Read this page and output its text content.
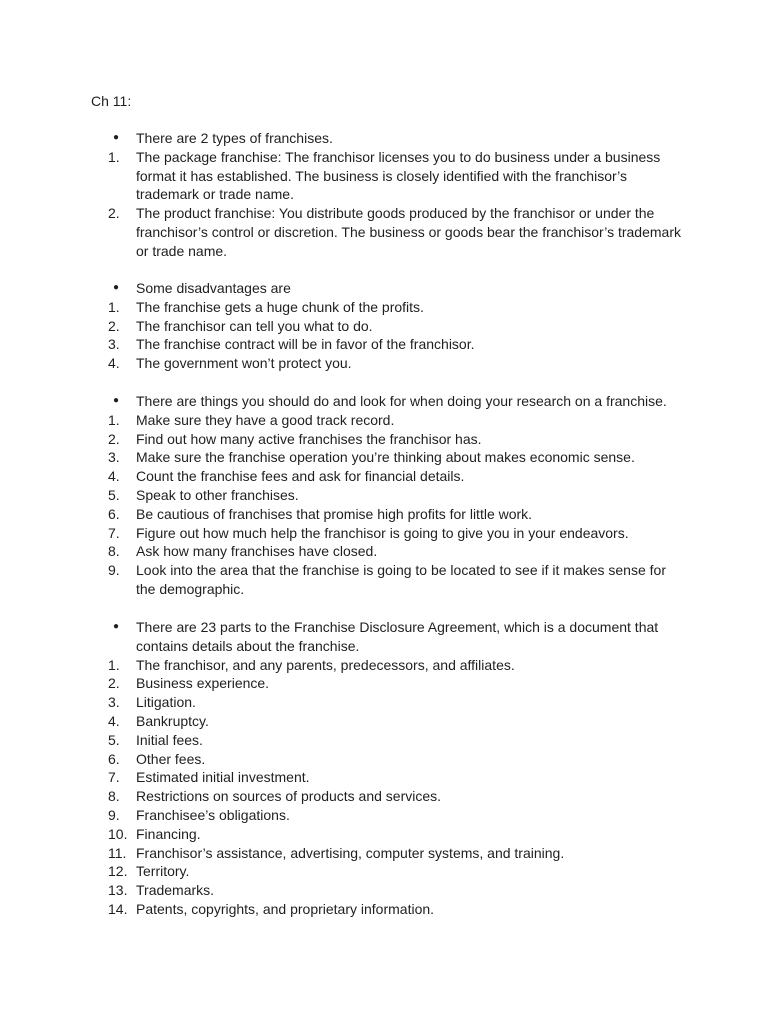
Ch 11:
●	There are 2 types of franchises.
1.	The package franchise: The franchisor licenses you to do business under a business format it has established. The business is closely identified with the franchisor’s trademark or trade name.
2.	The product franchise: You distribute goods produced by the franchisor or under the franchisor’s control or discretion. The business or goods bear the franchisor’s trademark or trade name.
●	Some disadvantages are
1.	The franchise gets a huge chunk of the profits.
2.	The franchisor can tell you what to do.
3.	The franchise contract will be in favor of the franchisor.
4.	The government won’t protect you.
●	There are things you should do and look for when doing your research on a franchise.
1.	Make sure they have a good track record.
2.	Find out how many active franchises the franchisor has.
3.	Make sure the franchise operation you’re thinking about makes economic sense.
4.	Count the franchise fees and ask for financial details.
5.	Speak to other franchises.
6.	Be cautious of franchises that promise high profits for little work.
7.	Figure out how much help the franchisor is going to give you in your endeavors.
8.	Ask how many franchises have closed.
9.	Look into the area that the franchise is going to be located to see if it makes sense for the demographic.
●	There are 23 parts to the Franchise Disclosure Agreement, which is a document that contains details about the franchise.
1.	The franchisor, and any parents, predecessors, and affiliates.
2.	Business experience.
3.	Litigation.
4.	Bankruptcy.
5.	Initial fees.
6.	Other fees.
7.	Estimated initial investment.
8.	Restrictions on sources of products and services.
9.	Franchisee’s obligations.
10. Financing.
11. Franchisor’s assistance, advertising, computer systems, and training.
12. Territory.
13. Trademarks.
14. Patents, copyrights, and proprietary information.
